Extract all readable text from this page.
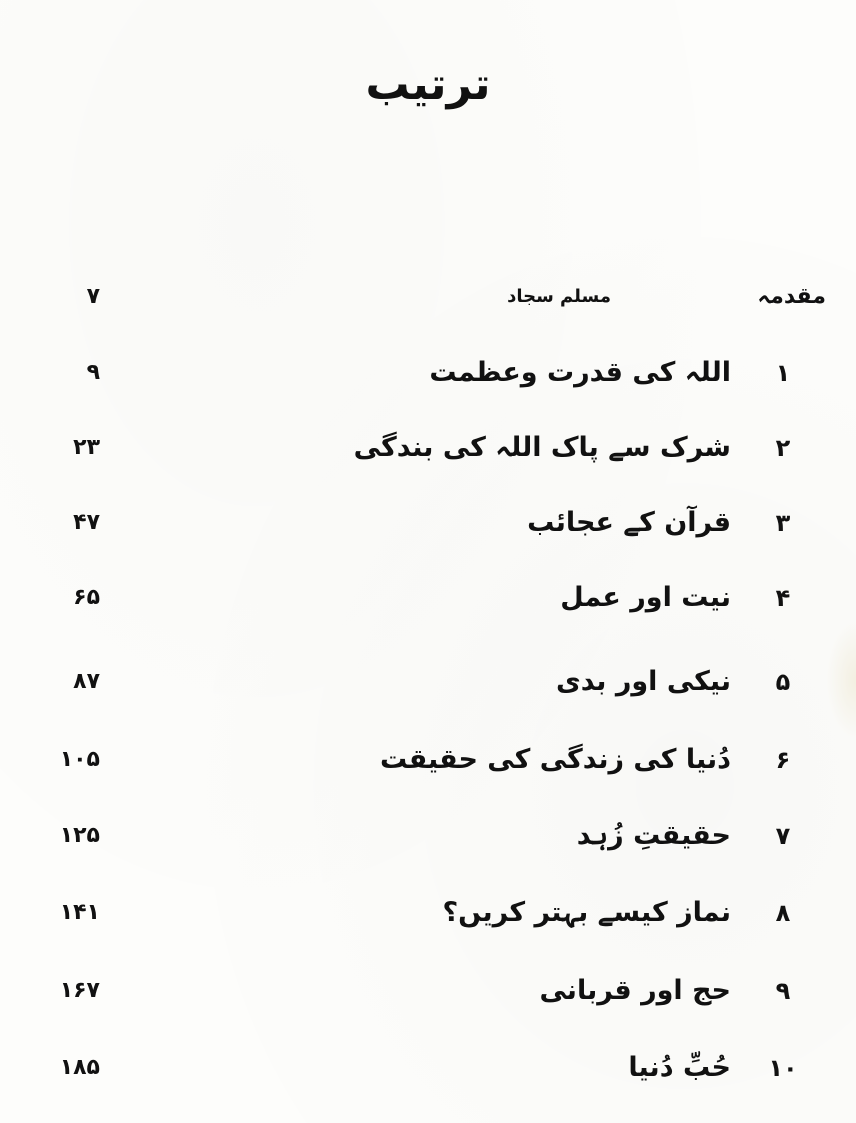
ترتیب
مقدمہ
مسلم سجاد
۷
۱
اللہ کی قدرت وعظمت
۹
۲
شرک سے پاک اللہ کی بندگی
۲۳
۳
قرآن کے عجائب
۴۷
۴
نیت اور عمل
۶۵
۵
نیکی اور بدی
۸۷
۶
دُنیا کی زندگی کی حقیقت
۱۰۵
۷
حقیقتِ زُہد
۱۲۵
۸
نماز کیسے بہتر کریں؟
۱۴۱
۹
حج اور قربانی
۱۶۷
۱۰
حُبِّ دُنیا
۱۸۵
